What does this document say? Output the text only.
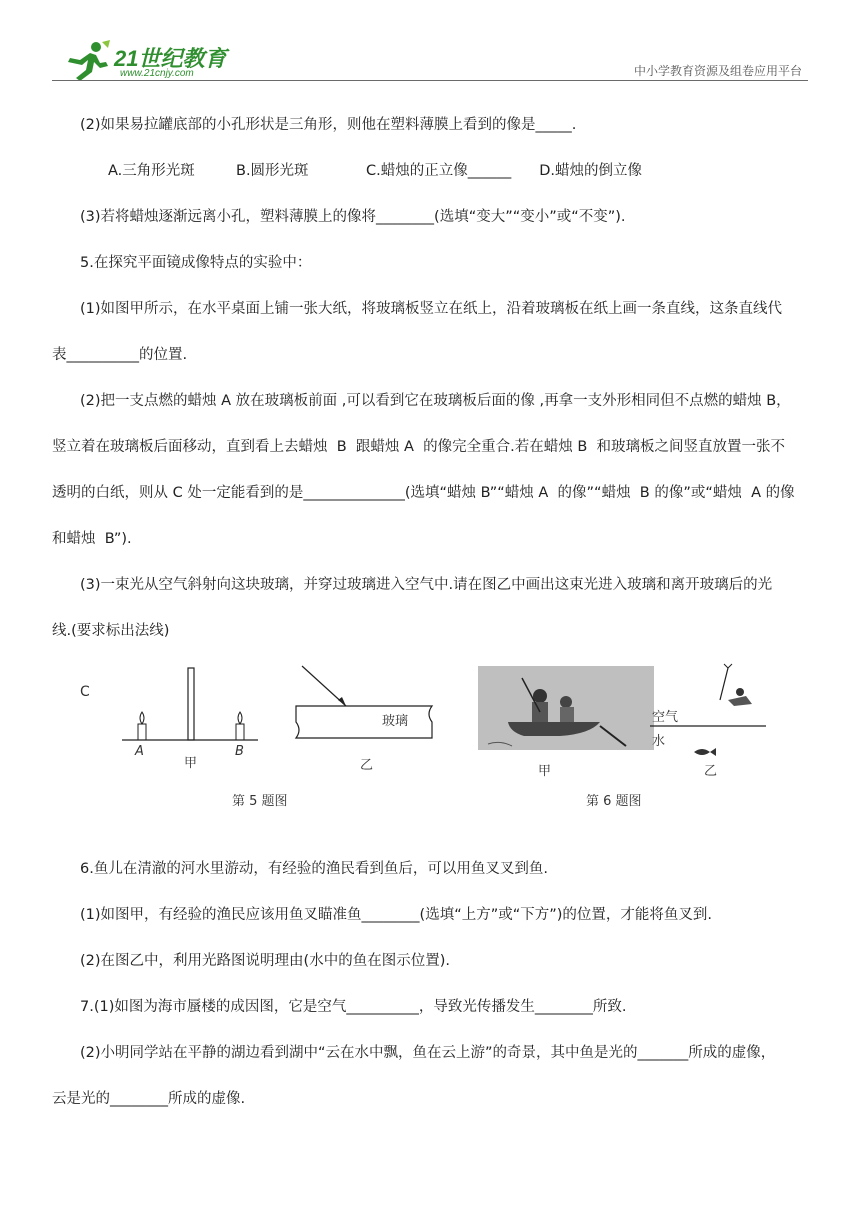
21世纪教育
www.21cnjy.com	中小学教育资源及组卷应用平台

(2)如果易拉罐底部的小孔形状是三角形，则他在塑料薄膜上看到的像是_____.

A.三角形光斑	B.圆形光斑	C.蜡烛的正立像______ D.蜡烛的倒立像

(3)若将蜡烛逐渐远离小孔，塑料薄膜上的像将________(选填“变大”“变小”或“不变”).

5.在探究平面镜成像特点的实验中：

(1)如图甲所示，在水平桌面上铺一张大纸，将玻璃板竖立在纸上，沿着玻璃板在纸上画一条直线，这条直线代

表__________的位置.

(2)把一支点燃的蜡烛 A 放在玻璃板前面 ,可以看到它在玻璃板后面的像 ,再拿一支外形相同但不点燃的蜡烛 B，

竖立着在玻璃板后面移动，直到看上去蜡烛  B  跟蜡烛 A  的像完全重合.若在蜡烛 B  和玻璃板之间竖直放置一张不

透明的白纸，则从 C 处一定能看到的是______________(选填“蜡烛 B”“蜡烛 A  的像”“蜡烛  B 的像”或“蜡烛  A 的像

和蜡烛  B”).

(3)一束光从空气斜射向这块玻璃，并穿过玻璃进入空气中.请在图乙中画出这束光进入玻璃和离开玻璃后的光

线.(要求标出法线)

C
A	B
甲
玻璃
乙
第 5 题图
甲
空气
水
乙
第 6 题图

6.鱼儿在清澈的河水里游动，有经验的渔民看到鱼后，可以用鱼叉叉到鱼.

(1)如图甲，有经验的渔民应该用鱼叉瞄准鱼________(选填“上方”或“下方”)的位置，才能将鱼叉到.

(2)在图乙中，利用光路图说明理由(水中的鱼在图示位置).

7.(1)如图为海市蜃楼的成因图，它是空气__________，导致光传播发生________所致.

(2)小明同学站在平静的湖边看到湖中“云在水中飘，鱼在云上游”的奇景，其中鱼是光的_______所成的虚像，

云是光的________所成的虚像.
